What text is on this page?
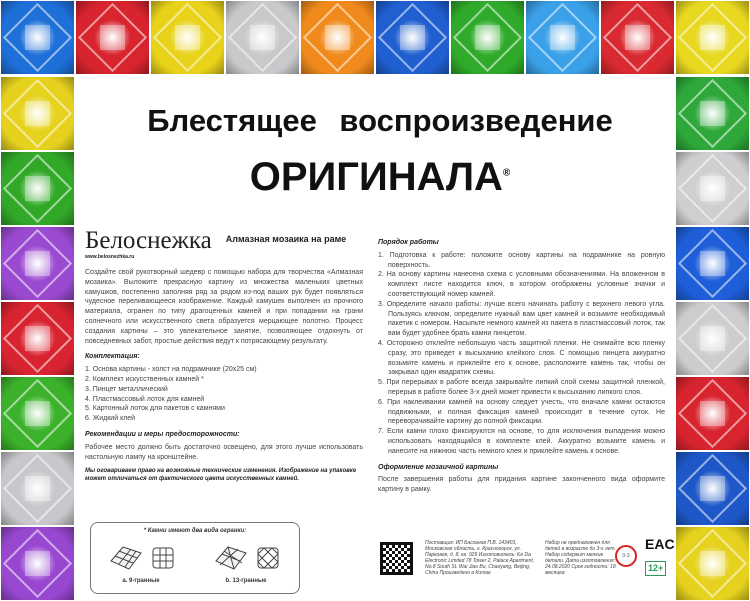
Блестящее воспроизведение
ОРИГИНАЛА®
Белоснежка
www.belosnezhka.ru
Алмазная мозаика на раме

Создайте свой рукотворный шедевр с помощью набора для творчества «Алмазная мозаика». Выложите прекрасную картину из множества маленьких цветных камушков, постепенно заполняя ряд за рядом из-под ваших рук будет появляться чудесное переливающееся изображение. Каждый камушек выполнен из прочного материала, огранен по типу драгоценных камней и при попадании на грани солнечного или искусственного света образуется мерцающее полотно. Процесс создания картины – это увлекательное занятие, позволяющее отдохнуть от повседневных забот, простые действия ведут к потрясающему результату.

Комплектация:
1. Основа картины - холст на подрамнике (20х25 см)
2. Комплект искусственных камней *
3. Пинцет металлический
4. Пластмассовый лоток для камней
5. Картонный лоток для пакетов с камнями
6. Жидкий клей
Рекомендации и меры предосторожности:

Рабочее место должно быть достаточно освещено, для этого лучше использовать настольную лампу на кронштейне.

Мы оговариваем право на возможные технические изменения. Изображение на упаковке может отличаться от фактического цвета искусственных камней.
* Камни имеют два вида огранки:
a. 9-гранные	b. 13-гранные
Порядок работы
1. Подготовка к работе: положите основу картины на подрамнике на ровную поверхность.
2. На основу картины нанесена схема с условными обозначениями. На вложенном в комплект листе находится ключ, в котором отображены условные значки и соответствующий номер камней.
3. Определите начало работы: лучше всего начинать работу с верхнего левого угла. Пользуясь ключом, определите нужный вам цвет камней и возьмите необходимый пакетик с номером. Насыпьте немного камней из пакета в пластмассовый лоток, так вам будет удобнее брать камни пинцетом.
4. Осторожно отклейте небольшую часть защитной пленки. Не снимайте всю пленку сразу, это приведет к высыханию клейкого слоя. С помощью пинцета аккуратно возьмите камень и приклейте его к основе, расположите камень так, чтобы он закрывал один квадратик схемы.
5. При перерывах в работе всегда закрывайте липкий слой схемы защитной пленкой, перерыв в работе более 3-х дней может привести к высыханию липкого слоя.
6. При наклеивании камней на основу следует учесть, что вначале камни остаются подвижными, и полная фиксация камней происходит в течение суток. Не переворачивайте картину до полной фиксации.
7. Если камни плохо фиксируются на основе, то для исключения выпадения можно использовать находящийся в комплекте клей. Аккуратно возьмите камень и нанесите на нижнюю часть немного клея и приклейте камень к основе.
Оформление мозаичной картины

После завершения работы для придания картине законченного вида оформите картину в рамку.

Поставщик: ИП Басханов П.В. 143403, Московская область, г. Красногорск, ул. Парковая, д. 8, кв. 929 Изготовитель: Ke Da Electronic Limited 78 Tower 2, Palace Apartment, No.8 South St. Wai Jiao Bu, Chaoyang, Beijing, China Произведено в Китае
Набор не предназначен для детей в возрасте до 3-х лет. Набор содержит мелкие детали. Дата изготовления: 24.08.2020 Срок годности: 18 месяцев
0-3
EAC
12+
